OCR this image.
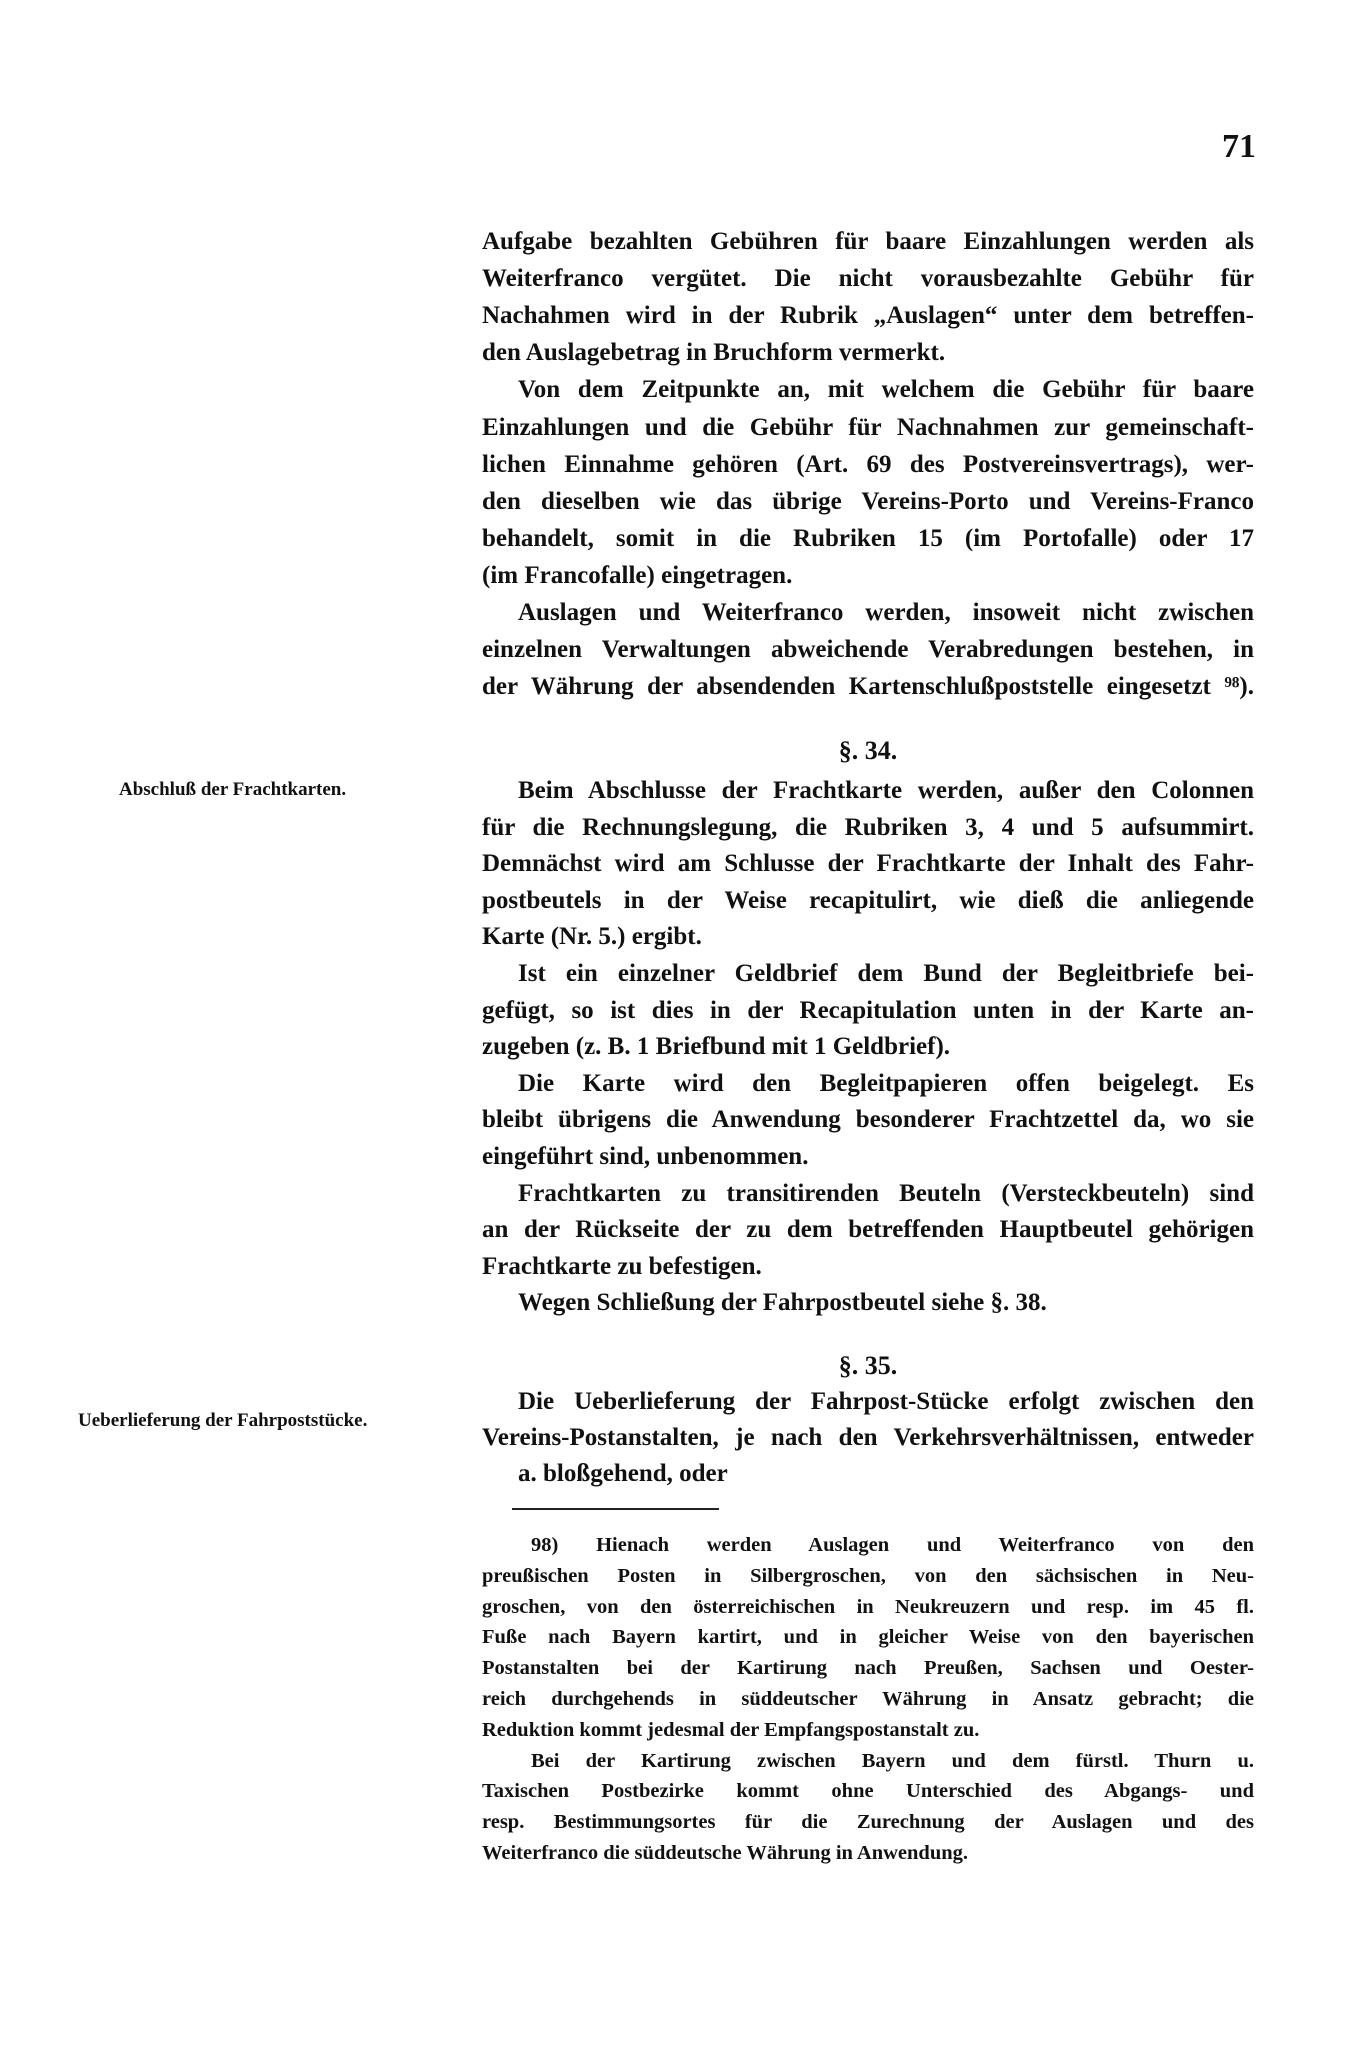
71
§. 34.
§. 35.
Abschluß der Frachtkarten.
Ueberlieferung der Fahrpoststücke.
Aufgabe bezahlten Gebühren für baare Einzahlungen werden als
Weiterfranco vergütet. Die nicht vorausbezahlte Gebühr für
Nachahmen wird in der Rubrik „Auslagen“ unter dem betreffen-
den Auslagebetrag in Bruchform vermerkt.
Von dem Zeitpunkte an, mit welchem die Gebühr für baare
Einzahlungen und die Gebühr für Nachnahmen zur gemeinschaft-
lichen Einnahme gehören (Art. 69 des Postvereinsvertrags), wer-
den dieselben wie das übrige Vereins-Porto und Vereins-Franco
behandelt, somit in die Rubriken 15 (im Portofalle) oder 17
(im Francofalle) eingetragen.
Auslagen und Weiterfranco werden, insoweit nicht zwischen
einzelnen Verwaltungen abweichende Verabredungen bestehen, in
der Währung der absendenden Kartenschlußpoststelle eingesetzt ⁹⁸).
Beim Abschlusse der Frachtkarte werden, außer den Colonnen
für die Rechnungslegung, die Rubriken 3, 4 und 5 aufsummirt.
Demnächst wird am Schlusse der Frachtkarte der Inhalt des Fahr-
postbeutels in der Weise recapitulirt, wie dieß die anliegende
Karte (Nr. 5.) ergibt.
Ist ein einzelner Geldbrief dem Bund der Begleitbriefe bei-
gefügt, so ist dies in der Recapitulation unten in der Karte an-
zugeben (z. B. 1 Briefbund mit 1 Geldbrief).
Die Karte wird den Begleitpapieren offen beigelegt. Es
bleibt übrigens die Anwendung besonderer Frachtzettel da, wo sie
eingeführt sind, unbenommen.
Frachtkarten zu transitirenden Beuteln (Versteckbeuteln) sind
an der Rückseite der zu dem betreffenden Hauptbeutel gehörigen
Frachtkarte zu befestigen.
Wegen Schließung der Fahrpostbeutel siehe §. 38.
Die Ueberlieferung der Fahrpost-Stücke erfolgt zwischen den
Vereins-Postanstalten, je nach den Verkehrsverhältnissen, entweder
a. bloßgehend, oder
98) Hienach werden Auslagen und Weiterfranco von den
preußischen Posten in Silbergroschen, von den sächsischen in Neu-
groschen, von den österreichischen in Neukreuzern und resp. im 45 fl.
Fuße nach Bayern kartirt, und in gleicher Weise von den bayerischen
Postanstalten bei der Kartirung nach Preußen, Sachsen und Oester-
reich durchgehends in süddeutscher Währung in Ansatz gebracht; die
Reduktion kommt jedesmal der Empfangspostanstalt zu.
Bei der Kartirung zwischen Bayern und dem fürstl. Thurn u.
Taxischen Postbezirke kommt ohne Unterschied des Abgangs- und
resp. Bestimmungsortes für die Zurechnung der Auslagen und des
Weiterfranco die süddeutsche Währung in Anwendung.
